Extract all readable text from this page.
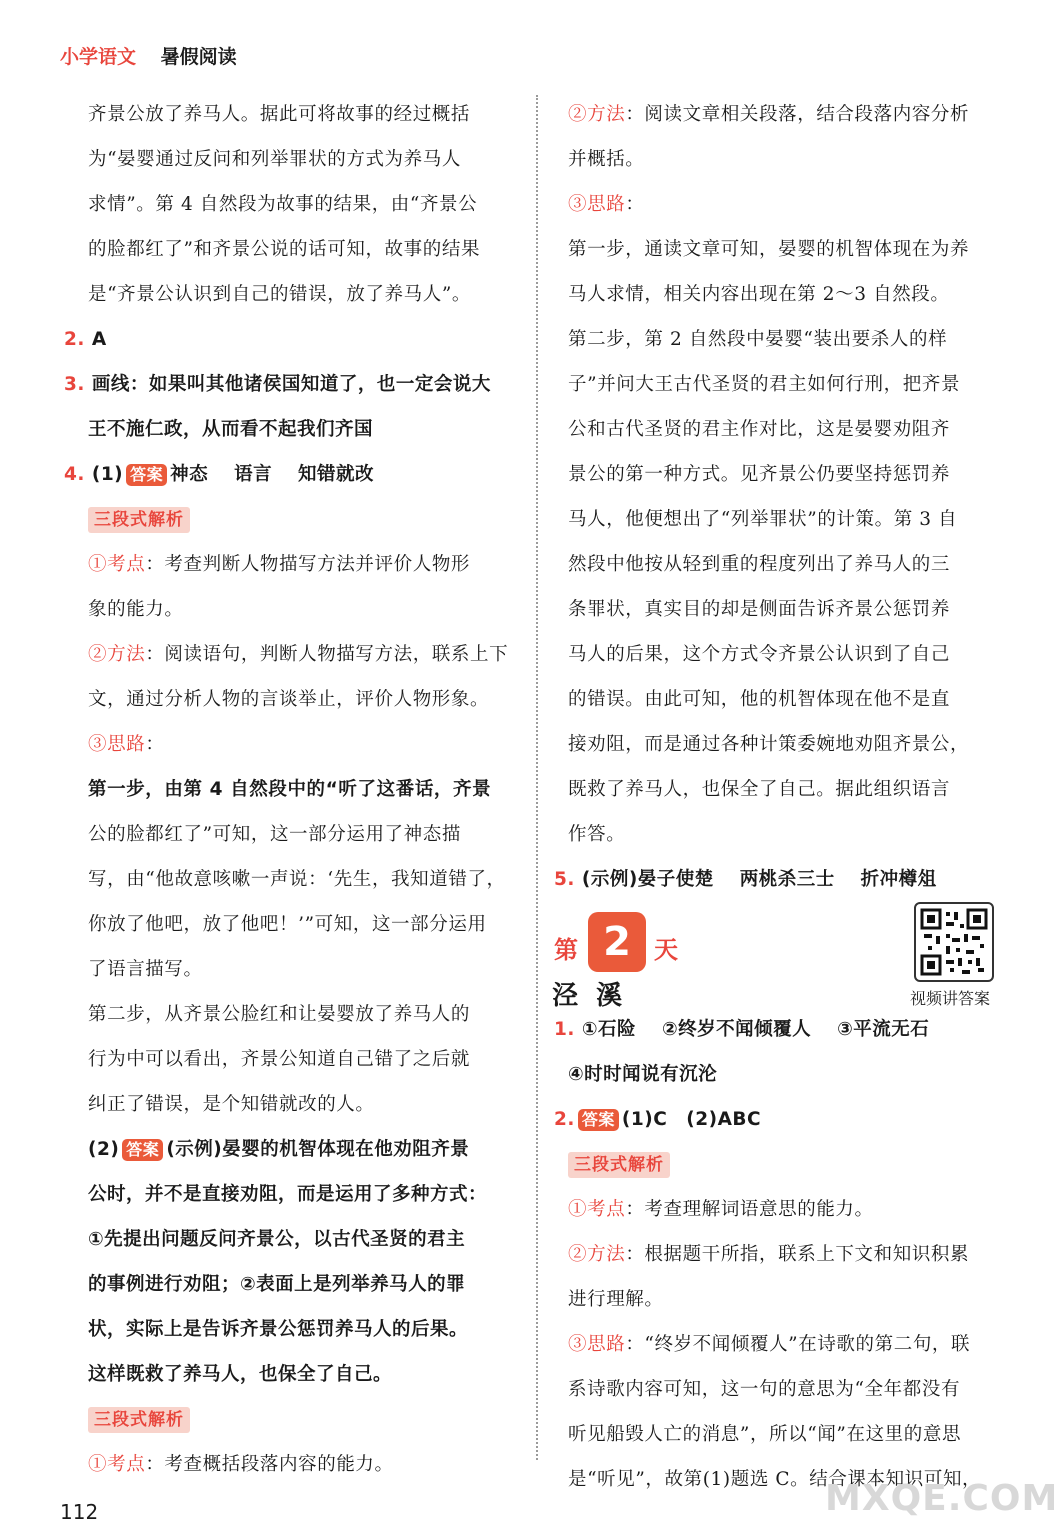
小学语文 暑假阅读
齐景公放了养马人。据此可将故事的经过概括
为“晏婴通过反问和列举罪状的方式为养马人
求情”。第 4 自然段为故事的结果，由“齐景公
的脸都红了”和齐景公说的话可知，故事的结果
是“齐景公认识到自己的错误，放了养马人”。
2. A
3. 画线：如果叫其他诸侯国知道了，也一定会说大
王不施仁政，从而看不起我们齐国
4. (1) 答案 神态　 语言　 知错就改
三段式解析
①考点：考查判断人物描写方法并评价人物形
象的能力。
②方法：阅读语句，判断人物描写方法，联系上下
文，通过分析人物的言谈举止，评价人物形象。
③思路：
第一步，由第 4 自然段中的“听了这番话，齐景
公的脸都红了”可知，这一部分运用了神态描
写，由“他故意咳嗽一声说：‘先生，我知道错了，
你放了他吧，放了他吧！’”可知，这一部分运用
了语言描写。
第二步，从齐景公脸红和让晏婴放了养马人的
行为中可以看出，齐景公知道自己错了之后就
纠正了错误，是个知错就改的人。
(2) 答案 (示例)晏婴的机智体现在他劝阻齐景
公时，并不是直接劝阻，而是运用了多种方式：
①先提出问题反问齐景公，以古代圣贤的君主
的事例进行劝阻；②表面上是列举养马人的罪
状，实际上是告诉齐景公惩罚养马人的后果。
这样既救了养马人，也保全了自己。
三段式解析
①考点：考查概括段落内容的能力。
②方法：阅读文章相关段落，结合段落内容分析
并概括。
③思路：
第一步，通读文章可知，晏婴的机智体现在为养
马人求情，相关内容出现在第 2～3 自然段。
第二步，第 2 自然段中晏婴“装出要杀人的样
子”并问大王古代圣贤的君主如何行刑，把齐景
公和古代圣贤的君主作对比，这是晏婴劝阻齐
景公的第一种方式。见齐景公仍要坚持惩罚养
马人，他便想出了“列举罪状”的计策。第 3 自
然段中他按从轻到重的程度列出了养马人的三
条罪状，真实目的却是侧面告诉齐景公惩罚养
马人的后果，这个方式令齐景公认识到了自己
的错误。由此可知，他的机智体现在他不是直
接劝阻，而是通过各种计策委婉地劝阻齐景公，
既救了养马人，也保全了自己。据此组织语言
作答。
5. (示例)晏子使楚　 两桃杀三士　 折冲樽俎
第 2 天
泾溪	视频讲答案
1. ①石险　 ②终岁不闻倾覆人　 ③平流无石
④时时闻说有沉沦
2. 答案 (1)C　(2)ABC
三段式解析
①考点：考查理解词语意思的能力。
②方法：根据题干所指，联系上下文和知识积累
进行理解。
③思路：“终岁不闻倾覆人”在诗歌的第二句，联
系诗歌内容可知，这一句的意思为“全年都没有
听见船毁人亡的消息”，所以“闻”在这里的意思
是“听见”，故第(1)题选 C。结合课本知识可知，
112	MXQE.COM
